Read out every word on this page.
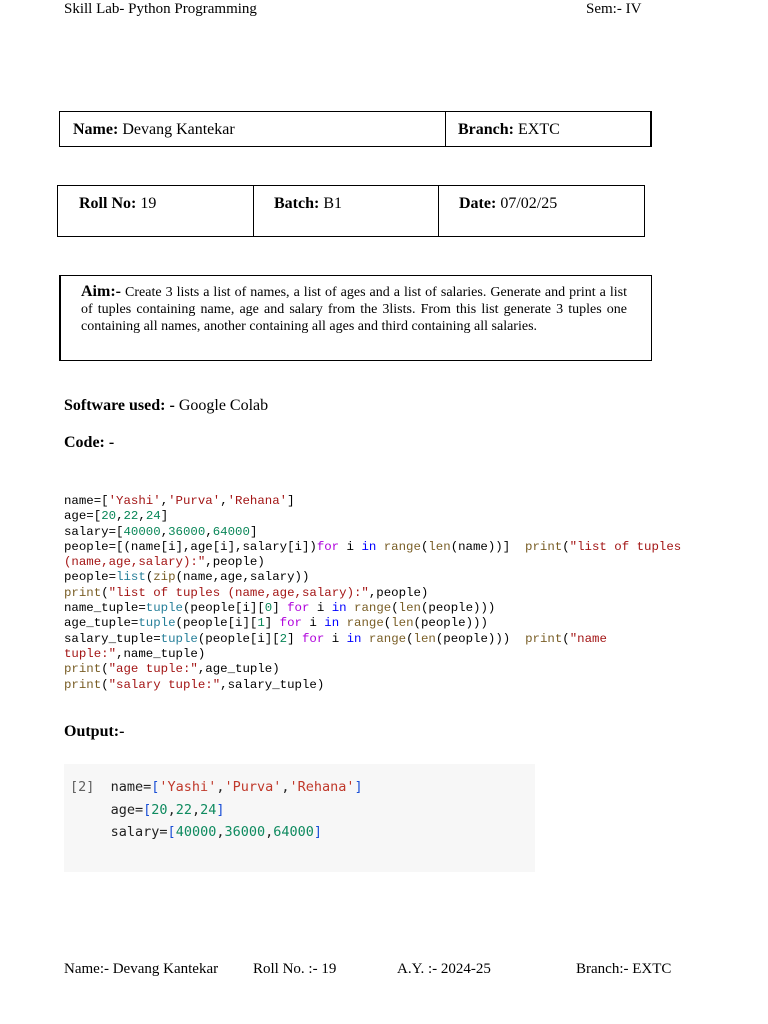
Skill Lab- Python Programming	Sem:- IV
Name: Devang Kantekar	Branch: EXTC
Roll No: 19	Batch: B1	Date: 07/02/25
Aim:- Create 3 lists a list of names, a list of ages and a list of salaries. Generate and print a list of tuples containing name, age and salary from the 3lists. From this list generate 3 tuples one containing all names, another containing all ages and third containing all salaries.
Software used: - Google Colab
Code: -
name=['Yashi','Purva','Rehana']
age=[20,22,24]
salary=[40000,36000,64000]
people=[(name[i],age[i],salary[i])for i in range(len(name))]  print("list of tuples (name,age,salary):",people)
people=list(zip(name,age,salary))
print("list of tuples (name,age,salary):",people)
name_tuple=tuple(people[i][0] for i in range(len(people)))
age_tuple=tuple(people[i][1] for i in range(len(people)))
salary_tuple=tuple(people[i][2] for i in range(len(people)))  print("name tuple:",name_tuple)
print("age tuple:",age_tuple)
print("salary tuple:",salary_tuple)
Output:-
[2]  name=['Yashi','Purva','Rehana']
age=[20,22,24]
salary=[40000,36000,64000]
Name:- Devang Kantekar Roll No. :- 19	A.Y. :- 2024-25	Branch:- EXTC
